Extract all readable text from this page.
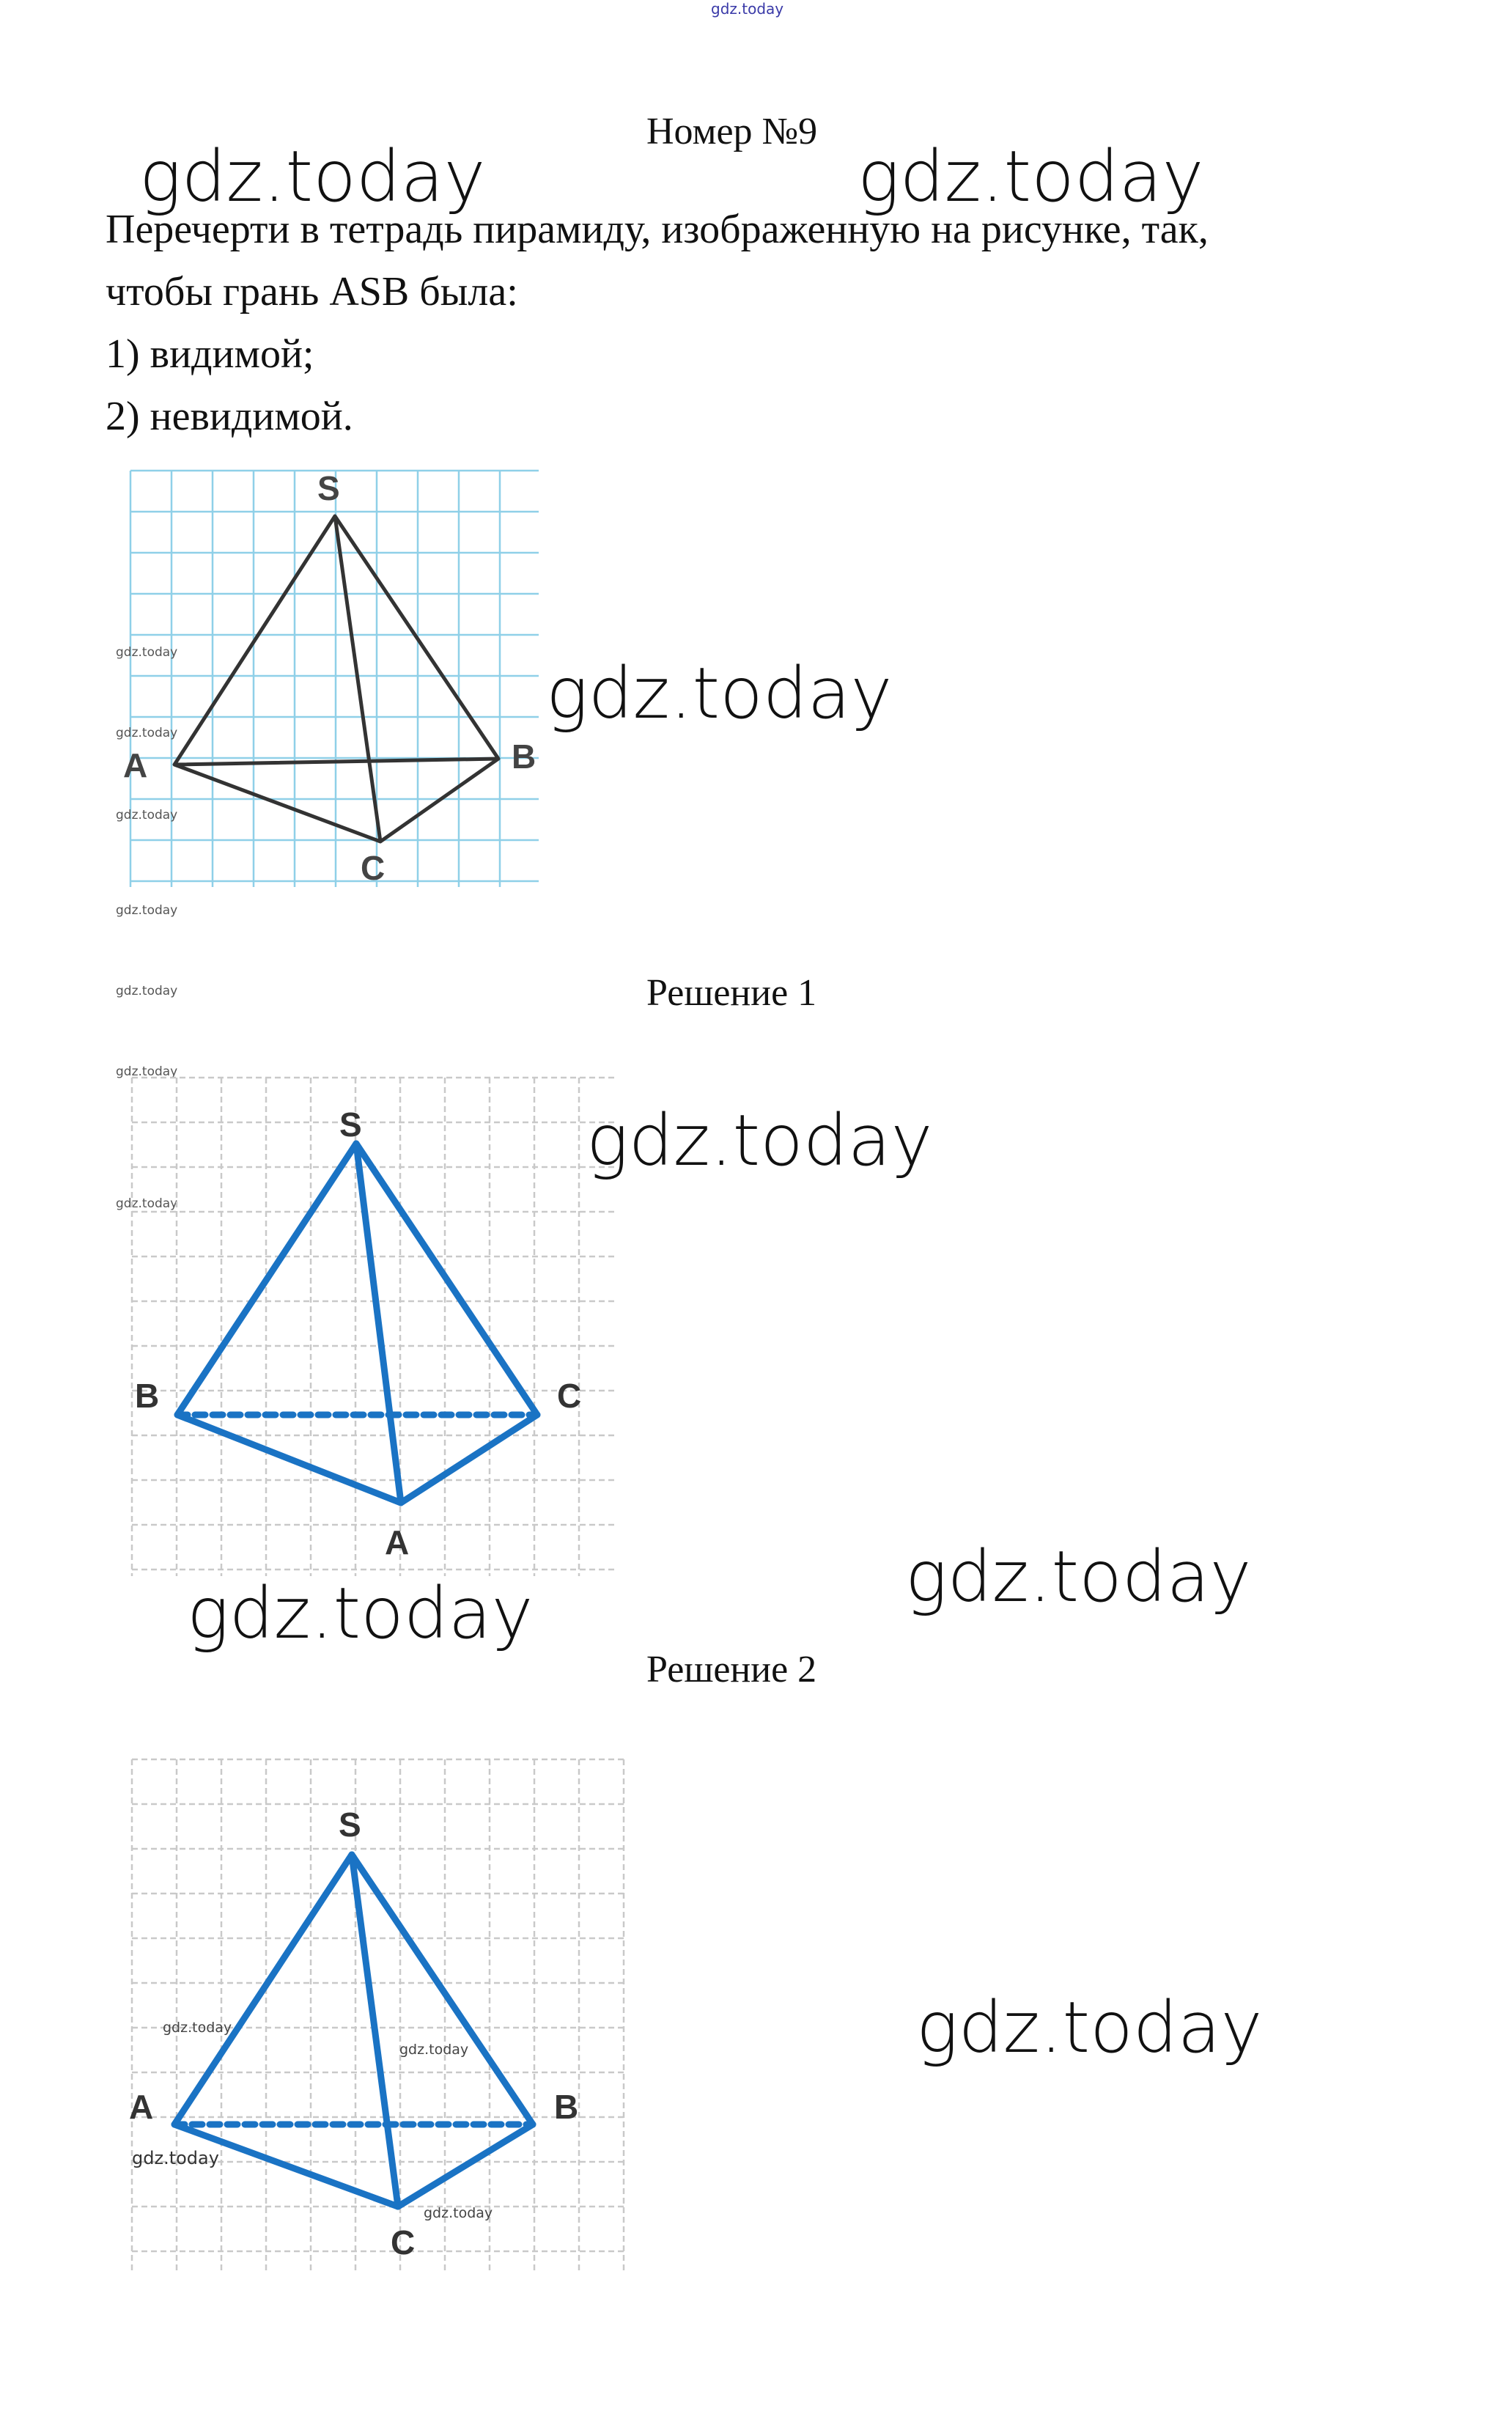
gdz.today
Номер №9
Перечерти в тетрадь пирамиду, изображенную на рисунке, так,
чтобы грань ASB была:
1) видимой;
2) невидимой.
gdz.today	gdz.today
gdz.today
gdz.today
gdz.today
gdz.today
gdz.today
S
A	B
C
gdz.today
gdz.today
gdz.today
gdz.today
gdz.today
gdz.today
gdz.today
Решение 1
S
B	C
A
Решение 2
S
A	B
C
gdz.today
gdz.today
gdz.today
gdz.today
